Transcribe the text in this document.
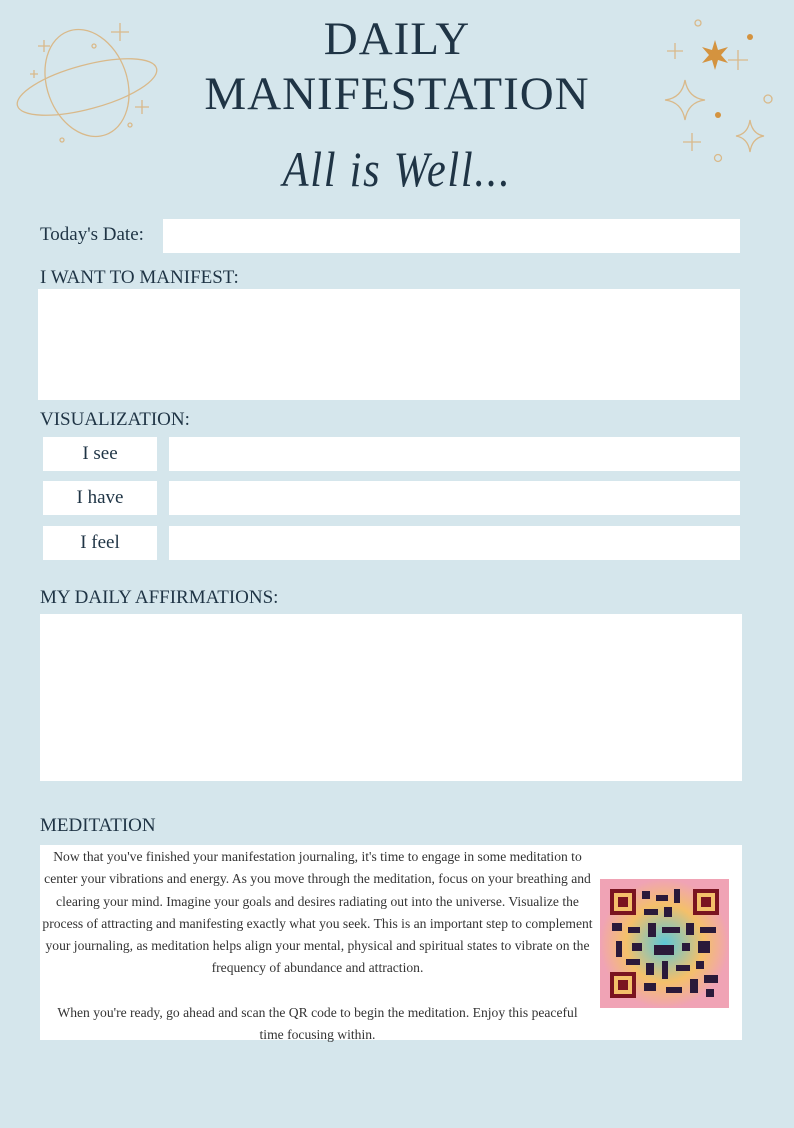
DAILY
MANIFESTATION
All is Well...
Today's Date:
I WANT TO MANIFEST:
VISUALIZATION:
I see
I have
I feel
MY DAILY AFFIRMATIONS:
MEDITATION

Now that you've finished your manifestation journaling, it's time to engage in some meditation to center your vibrations and energy. As you move through the meditation, focus on your breathing and clearing your mind. Imagine your goals and desires radiating out into the universe. Visualize the process of attracting and manifesting exactly what you seek. This is an important step to complement your journaling, as meditation helps align your mental, physical and spiritual states to vibrate on the frequency of abundance and attraction.

When you're ready, go ahead and scan the QR code to begin the meditation. Enjoy this peaceful time focusing within.
